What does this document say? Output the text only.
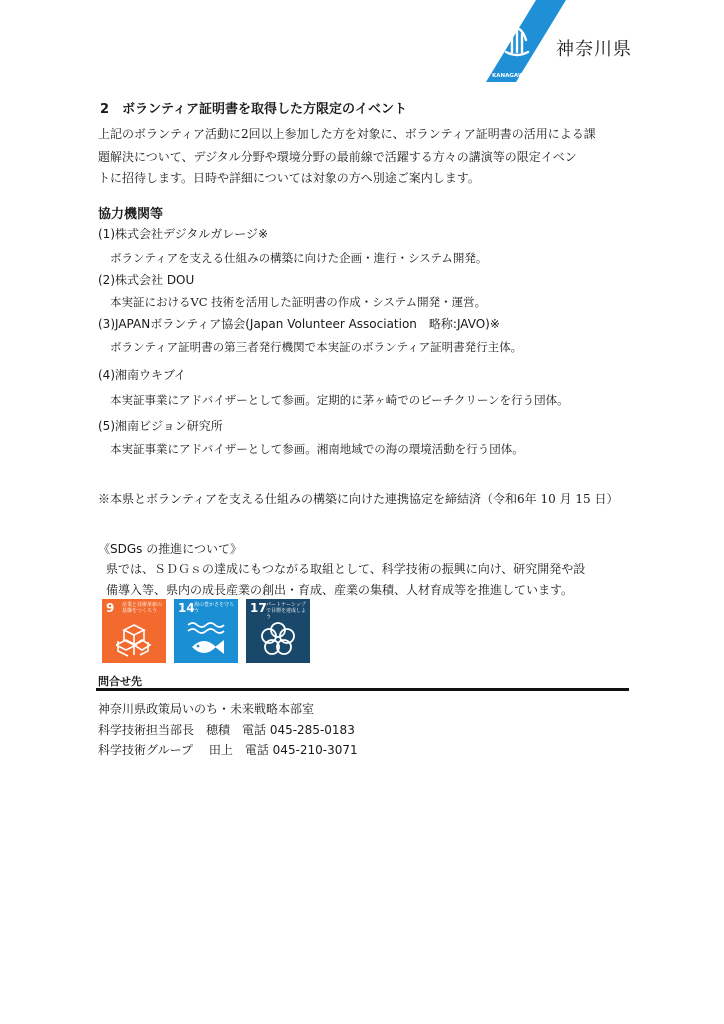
KANAGAWA
神奈川県
2　ボランティア証明書を取得した方限定のイベント
上記のボランティア活動に2回以上参加した方を対象に、ボランティア証明書の活用による課
題解決について、デジタル分野や環境分野の最前線で活躍する方々の講演等の限定イベン
トに招待します。日時や詳細については対象の方へ別途ご案内します。
協力機関等
(1)株式会社デジタルガレージ※
ボランティアを支える仕組みの構築に向けた企画・進行・システム開発。
(2)株式会社 DOU
本実証におけるVC 技術を活用した証明書の作成・システム開発・運営。
(3)JAPANボランティア協会(Japan Volunteer Association　略称:JAVO)※
ボランティア証明書の第三者発行機関で本実証のボランティア証明書発行主体。
(4)湘南ウキブイ
本実証事業にアドバイザーとして参画。定期的に茅ヶ崎でのビーチクリーンを行う団体。
(5)湘南ビジョン研究所
本実証事業にアドバイザーとして参画。湘南地域での海の環境活動を行う団体。
※本県とボランティアを支える仕組みの構築に向けた連携協定を締結済（令和6年 10 月 15 日）
《SDGs の推進について》
県では、ＳＤＧｓの達成にもつながる取組として、科学技術の振興に向け、研究開発や設
備導入等、県内の成長産業の創出・育成、産業の集積、人材育成等を推進しています。
9 産業と技術革新の基盤をつくろう	14 海の豊かさを守ろう	17 パートナーシップで目標を達成しよう
問合せ先
神奈川県政策局いのち・未来戦略本部室
科学技術担当部長　穂積　電話 045-285-0183
科学技術グループ　 田上　電話 045-210-3071
